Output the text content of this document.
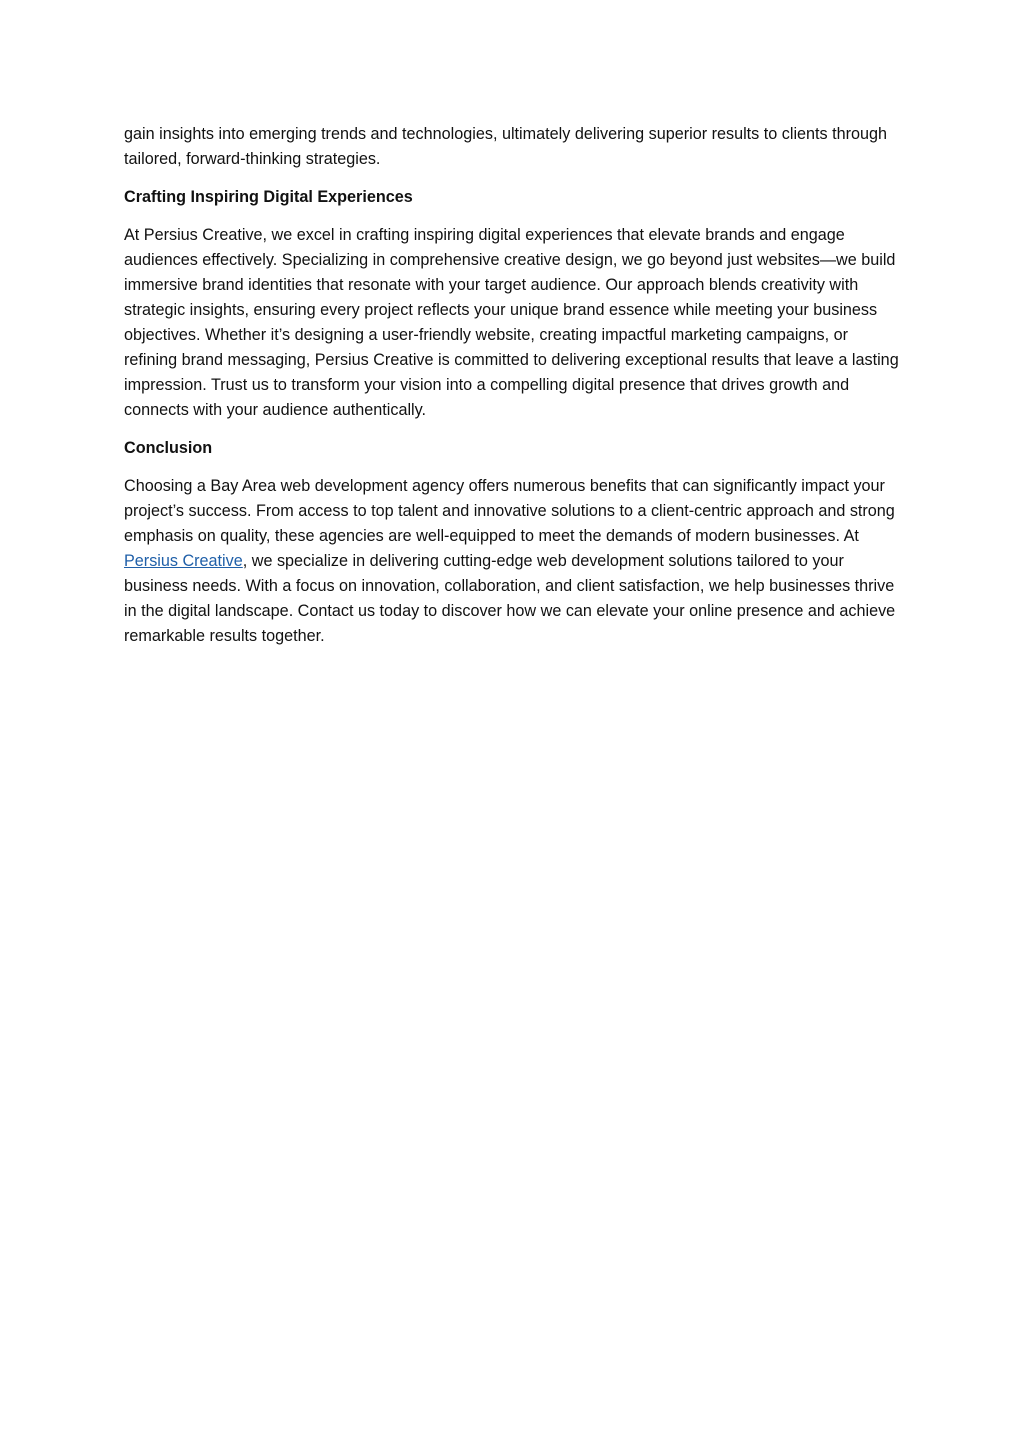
gain insights into emerging trends and technologies, ultimately delivering superior results to clients through tailored, forward-thinking strategies.

Crafting Inspiring Digital Experiences

At Persius Creative, we excel in crafting inspiring digital experiences that elevate brands and engage audiences effectively. Specializing in comprehensive creative design, we go beyond just websites—we build immersive brand identities that resonate with your target audience. Our approach blends creativity with strategic insights, ensuring every project reflects your unique brand essence while meeting your business objectives. Whether it’s designing a user-friendly website, creating impactful marketing campaigns, or refining brand messaging, Persius Creative is committed to delivering exceptional results that leave a lasting impression. Trust us to transform your vision into a compelling digital presence that drives growth and connects with your audience authentically.

Conclusion

Choosing a Bay Area web development agency offers numerous benefits that can significantly impact your project’s success. From access to top talent and innovative solutions to a client-centric approach and strong emphasis on quality, these agencies are well-equipped to meet the demands of modern businesses. At Persius Creative, we specialize in delivering cutting-edge web development solutions tailored to your business needs. With a focus on innovation, collaboration, and client satisfaction, we help businesses thrive in the digital landscape. Contact us today to discover how we can elevate your online presence and achieve remarkable results together.
